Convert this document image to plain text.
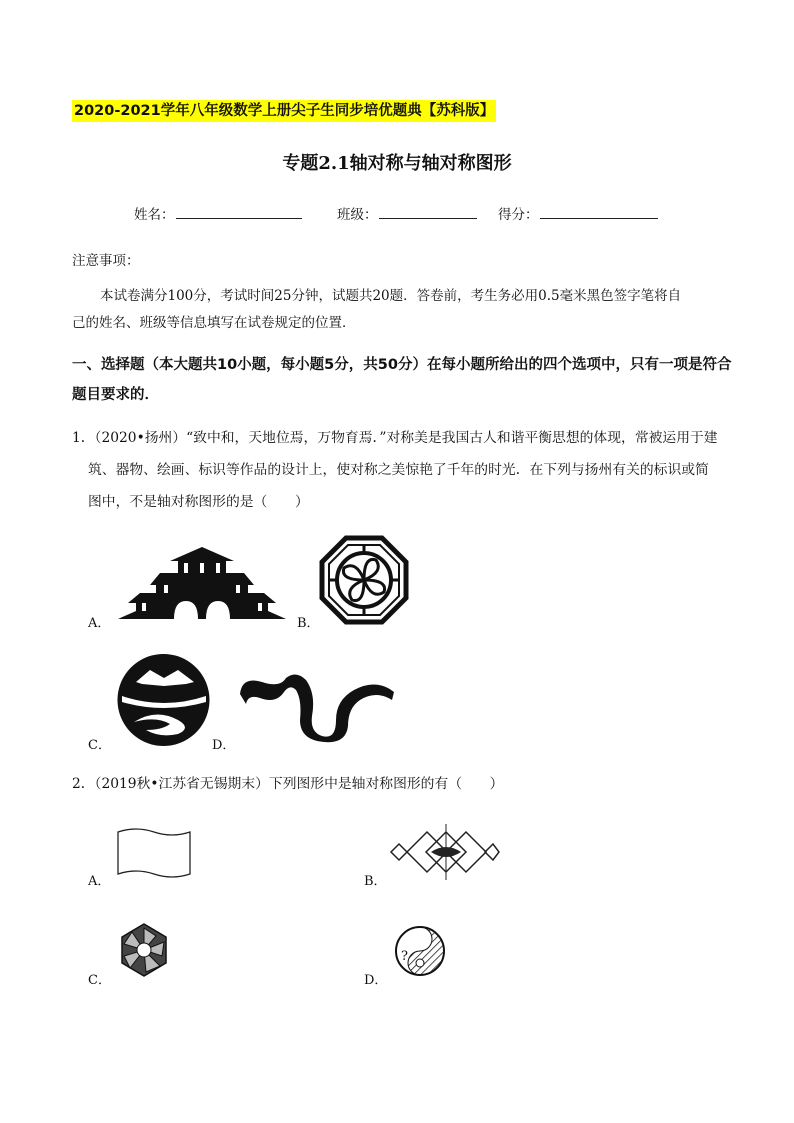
2020-2021学年八年级数学上册尖子生同步培优题典【苏科版】
专题2.1轴对称与轴对称图形
姓名：	班级：	得分：
注意事项：
本试卷满分100分，考试时间25分钟，试题共20题．答卷前，考生务必用0.5毫米黑色签字笔将自
己的姓名、班级等信息填写在试卷规定的位置．
一、选择题（本大题共10小题，每小题5分，共50分）在每小题所给出的四个选项中，只有一项是符合
题目要求的．
1．（2020•扬州）“致中和，天地位焉，万物育焉．”对称美是我国古人和谐平衡思想的体现，常被运用于建
筑、器物、绘画、标识等作品的设计上，使对称之美惊艳了千年的时光．在下列与扬州有关的标识或简
图中，不是轴对称图形的是（　　）
A．	B．
C．	D．
2．（2019秋•江苏省无锡期末）下列图形中是轴对称图形的有（　　）
A．	B．
C．	D．
?
